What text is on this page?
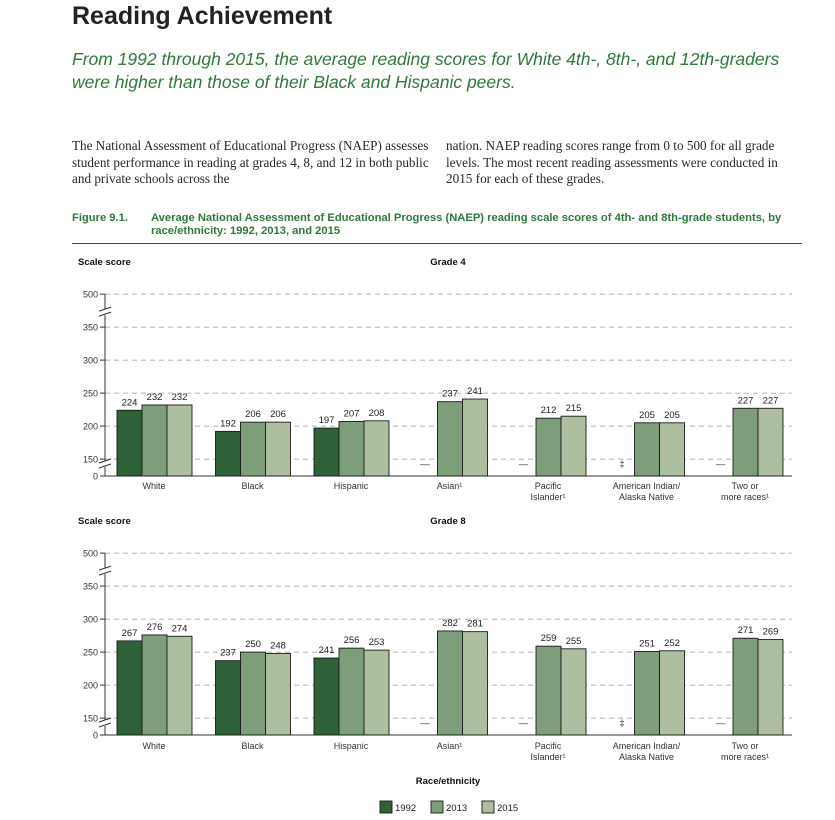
Reading Achievement
From 1992 through 2015, the average reading scores for White 4th-, 8th-, and 12th-graders were higher than those of their Black and Hispanic peers.
The National Assessment of Educational Progress (NAEP) assesses student performance in reading at grades 4, 8, and 12 in both public and private schools across the
nation. NAEP reading scores range from 0 to 500 for all grade levels. The most recent reading assessments were conducted in 2015 for each of these grades.
Figure 9.1. Average National Assessment of Educational Progress (NAEP) reading scale scores of 4th- and 8th-grade students, by race/ethnicity: 1992, 2013, and 2015
Scale score	Grade 4
0
150
200
250
300
350
500
224 232 232
White
192
206 206
Black
197
207 208
Hispanic
—
237 241
Asian¹
—
212 215
Pacific
Islander¹
‡
205 205
American Indian/
Alaska Native
—
227 227
Two or
more races¹
Scale score	Grade 8
0
150
200
250
300
350
500
267
276 274
White
237
250 248
Black
241
256 253
Hispanic
—
282 281
Asian¹
—
259 255
Pacific
Islander¹
‡
251 252
American Indian/
Alaska Native
—
271 269
Two or
more races¹
Race/ethnicity
1992	2013	2015
